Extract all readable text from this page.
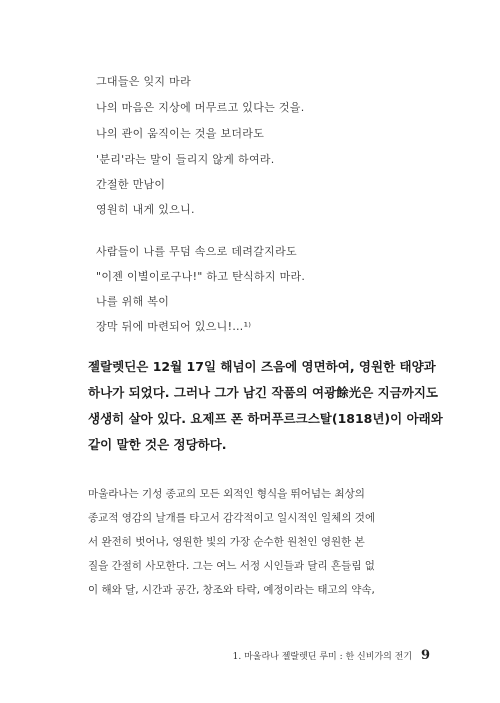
그대들은 잊지 마라
나의 마음은 지상에 머무르고 있다는 것을.
나의 관이 움직이는 것을 보더라도
'분리'라는 말이 들리지 않게 하여라.
간절한 만남이
영원히 내게 있으니.
사람들이 나를 무덤 속으로 데려갈지라도
"이젠 이별이로구나!" 하고 탄식하지 마라.
나를 위해 복이
장막 뒤에 마련되어 있으니!…¹⁾
젤랄렛딘은 12월 17일 해넘이 즈음에 영면하여, 영원한 태양과
하나가 되었다. 그러나 그가 남긴 작품의 여광餘光은 지금까지도
생생히 살아 있다. 요제프 폰 하머푸르크스탈(1818년)이 아래와
같이 말한 것은 정당하다.
마울라나는 기성 종교의 모든 외적인 형식을 뛰어넘는 최상의
종교적 영감의 날개를 타고서 감각적이고 일시적인 일체의 것에
서 완전히 벗어나, 영원한 빛의 가장 순수한 원천인 영원한 본
질을 간절히 사모한다. 그는 여느 서정 시인들과 달리 흔들림 없
이 해와 달, 시간과 공간, 창조와 타락, 예정이라는 태고의 약속,
1. 마울라나 젤랄렛딘 루미 : 한 신비가의 전기 9
